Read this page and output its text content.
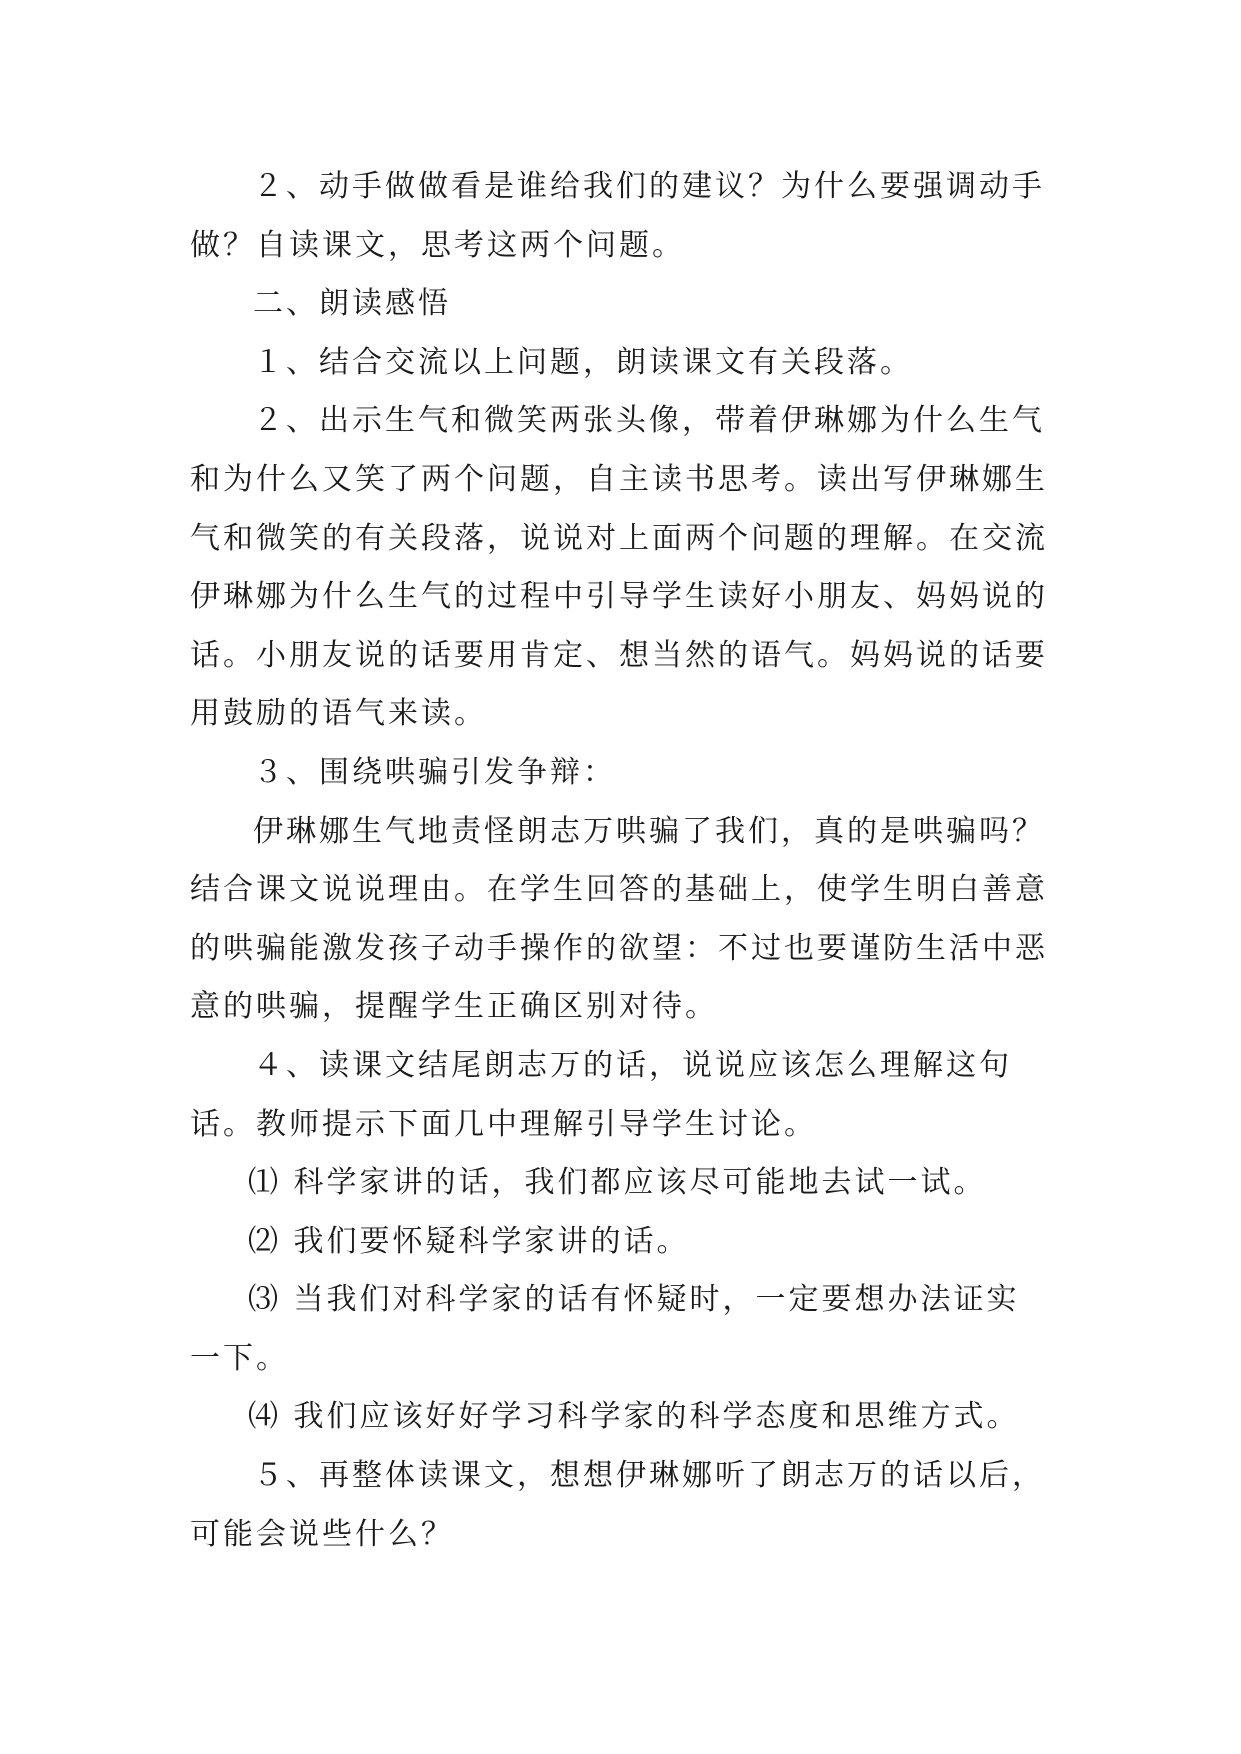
２、动手做做看是谁给我们的建议？为什么要强调动手做？自读课文，思考这两个问题。

二、朗读感悟

１、结合交流以上问题，朗读课文有关段落。

２、出示生气和微笑两张头像，带着伊琳娜为什么生气和为什么又笑了两个问题，自主读书思考。读出写伊琳娜生气和微笑的有关段落，说说对上面两个问题的理解。在交流伊琳娜为什么生气的过程中引导学生读好小朋友、妈妈说的话。小朋友说的话要用肯定、想当然的语气。妈妈说的话要用鼓励的语气来读。

３、围绕哄骗引发争辩：

伊琳娜生气地责怪朗志万哄骗了我们，真的是哄骗吗？结合课文说说理由。在学生回答的基础上，使学生明白善意的哄骗能激发孩子动手操作的欲望：不过也要谨防生活中恶意的哄骗，提醒学生正确区别对待。

４、读课文结尾朗志万的话，说说应该怎么理解这句话。教师提示下面几中理解引导学生讨论。

⑴ 科学家讲的话，我们都应该尽可能地去试一试。

⑵ 我们要怀疑科学家讲的话。

⑶ 当我们对科学家的话有怀疑时，一定要想办法证实一下。

⑷ 我们应该好好学习科学家的科学态度和思维方式。

５、再整体读课文，想想伊琳娜听了朗志万的话以后，可能会说些什么？
